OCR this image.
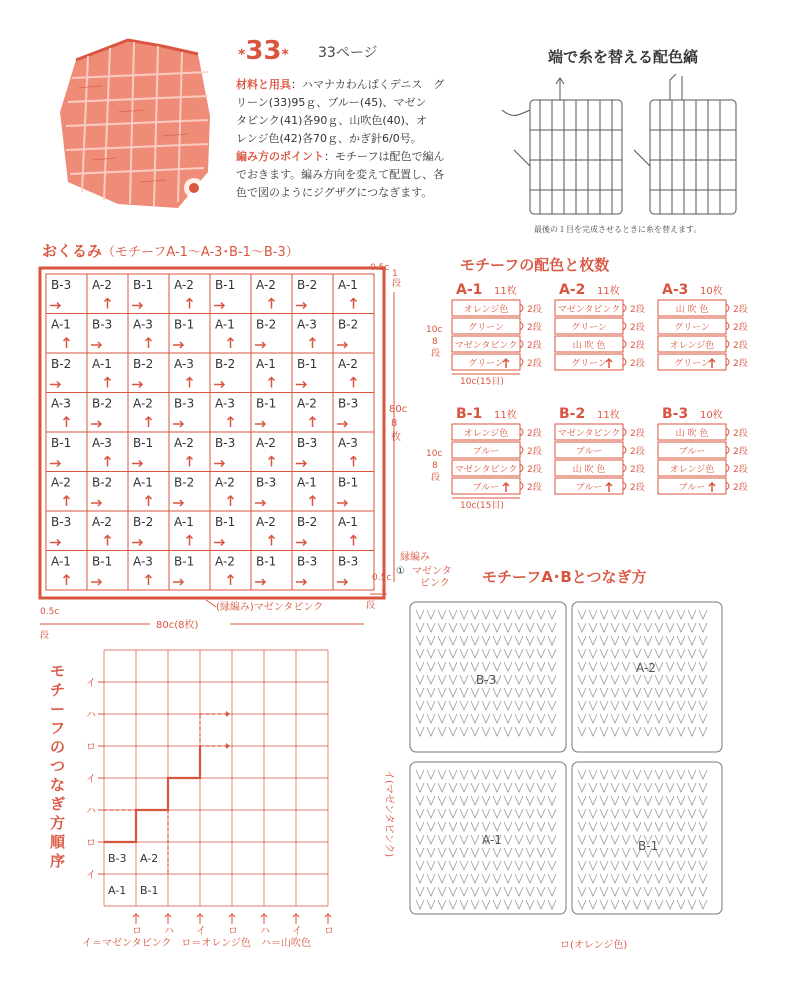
*33* 33ページ
材料と用具：ハマナカわんぱくデニス　グ
リーン(33)95ｇ、ブルー(45)、マゼン
タピンク(41)各90ｇ、山吹色(40)、オ
レンジ色(42)各70ｇ、かぎ針6/0号。
編み方のポイント：モチーフは配色で編ん
でおきます。編み方向を変えて配置し、各
色で図のようにジグザグにつなぎます。
端で糸を替える配色縞
最後の１目を完成させるときに糸を替えます。
おくるみ（モチーフA-1～A-3･B-1～B-3）
B-3 A-2 B-1 A-2 B-1 A-2 B-2 A-1
A-1 B-3 A-3 B-1 A-1 B-2 A-3 B-2
B-2 A-1 B-2 A-3 B-2 A-1 B-1 A-2
A-3 B-2 A-2 B-3 A-3 B-1 A-2 B-3
B-1 A-3 B-1 A-2 B-3 A-2 B-3 A-3
A-2 B-2 A-1 B-2 A-2 B-3 A-1 B-1
B-3 A-2 B-2 A-1 B-1 A-2 B-2 A-1
A-1 B-1 A-3 B-1 A-2 B-1 B-3 B-3
0.5c
1
段
80c
8
枚
0.5c
段
(縁編み)マゼンタピンク
0.5c
段
80c(8枚)
モチーフの配色と枚数
A-1 11枚
オレンジ色 2段
グリーン	2段
マゼンタピンク 2段
グリーン	2段
10c
8
段
10c(15目)
A-2 11枚
マゼンタピンク 2段
グリーン	2段
山 吹 色	2段
グリーン	2段
A-3 10枚
山 吹 色	2段
グリーン	2段
オレンジ色 2段
グリーン	2段
B-1 11枚
オレンジ色 2段
ブルー	2段
マゼンタピンク 2段
ブルー	2段
10c
8
段
10c(15目)
B-2 11枚
マゼンタピンク 2段
ブルー	2段
山 吹 色	2段
ブルー	2段
B-3 10枚
山 吹 色	2段
ブルー	2段
オレンジ色 2段
ブルー	2段
モチーフA･Bとつなぎ方
縁編み
① マゼンタ
ピンク
B-3
A-2
A-1	B-1
イ(マゼンタピンク)
ロ(オレンジ色)
モチーフのつなぎ方順序
イ
ハ
ロ
イ
ハ
ロ
イ
ロ ハ イ ロ ハ イ ロ
B-3 A-2
A-1 B-1
イ＝マゼンタピンク　ロ＝オレンジ色　ハ＝山吹色
